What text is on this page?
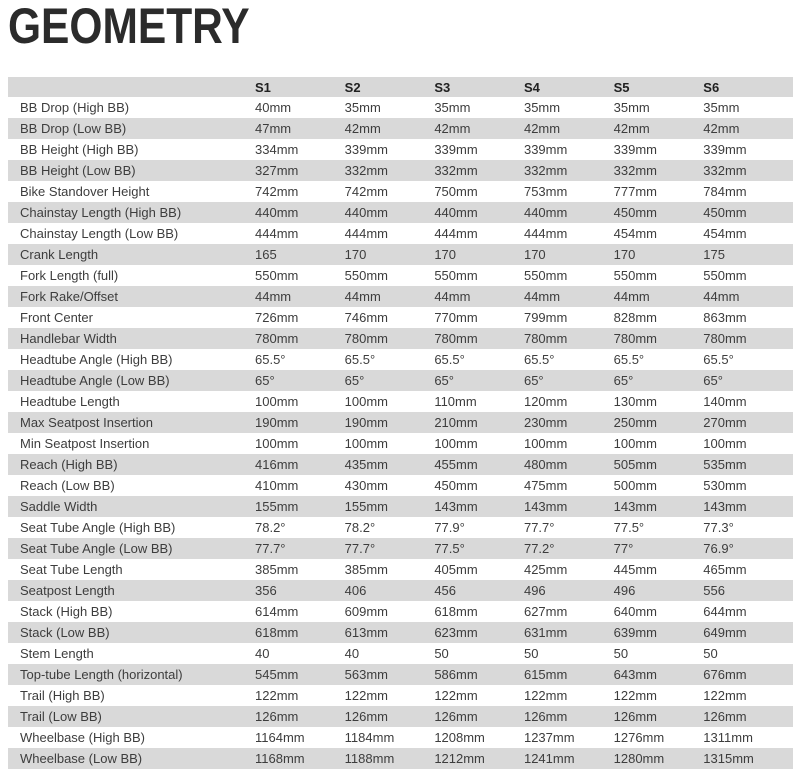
GEOMETRY
	S1	S2	S3	S4	S5	S6
BB Drop (High BB)	40mm	35mm	35mm	35mm	35mm	35mm
BB Drop (Low BB)	47mm	42mm	42mm	42mm	42mm	42mm
BB Height (High BB)	334mm	339mm	339mm	339mm	339mm	339mm
BB Height (Low BB)	327mm	332mm	332mm	332mm	332mm	332mm
Bike Standover Height	742mm	742mm	750mm	753mm	777mm	784mm
Chainstay Length (High BB)	440mm	440mm	440mm	440mm	450mm	450mm
Chainstay Length (Low BB)	444mm	444mm	444mm	444mm	454mm	454mm
Crank Length	165	170	170	170	170	175
Fork Length (full)	550mm	550mm	550mm	550mm	550mm	550mm
Fork Rake/Offset	44mm	44mm	44mm	44mm	44mm	44mm
Front Center	726mm	746mm	770mm	799mm	828mm	863mm
Handlebar Width	780mm	780mm	780mm	780mm	780mm	780mm
Headtube Angle (High BB)	65.5°	65.5°	65.5°	65.5°	65.5°	65.5°
Headtube Angle (Low BB)	65°	65°	65°	65°	65°	65°
Headtube Length	100mm	100mm	110mm	120mm	130mm	140mm
Max Seatpost Insertion	190mm	190mm	210mm	230mm	250mm	270mm
Min Seatpost Insertion	100mm	100mm	100mm	100mm	100mm	100mm
Reach (High BB)	416mm	435mm	455mm	480mm	505mm	535mm
Reach (Low BB)	410mm	430mm	450mm	475mm	500mm	530mm
Saddle Width	155mm	155mm	143mm	143mm	143mm	143mm
Seat Tube Angle (High BB)	78.2°	78.2°	77.9°	77.7°	77.5°	77.3°
Seat Tube Angle (Low BB)	77.7°	77.7°	77.5°	77.2°	77°	76.9°
Seat Tube Length	385mm	385mm	405mm	425mm	445mm	465mm
Seatpost Length	356	406	456	496	496	556
Stack (High BB)	614mm	609mm	618mm	627mm	640mm	644mm
Stack (Low BB)	618mm	613mm	623mm	631mm	639mm	649mm
Stem Length	40	40	50	50	50	50
Top-tube Length (horizontal)	545mm	563mm	586mm	615mm	643mm	676mm
Trail (High BB)	122mm	122mm	122mm	122mm	122mm	122mm
Trail (Low BB)	126mm	126mm	126mm	126mm	126mm	126mm
Wheelbase (High BB)	1164mm	1184mm	1208mm	1237mm	1276mm	1311mm
Wheelbase (Low BB)	1168mm	1188mm	1212mm	1241mm	1280mm	1315mm
